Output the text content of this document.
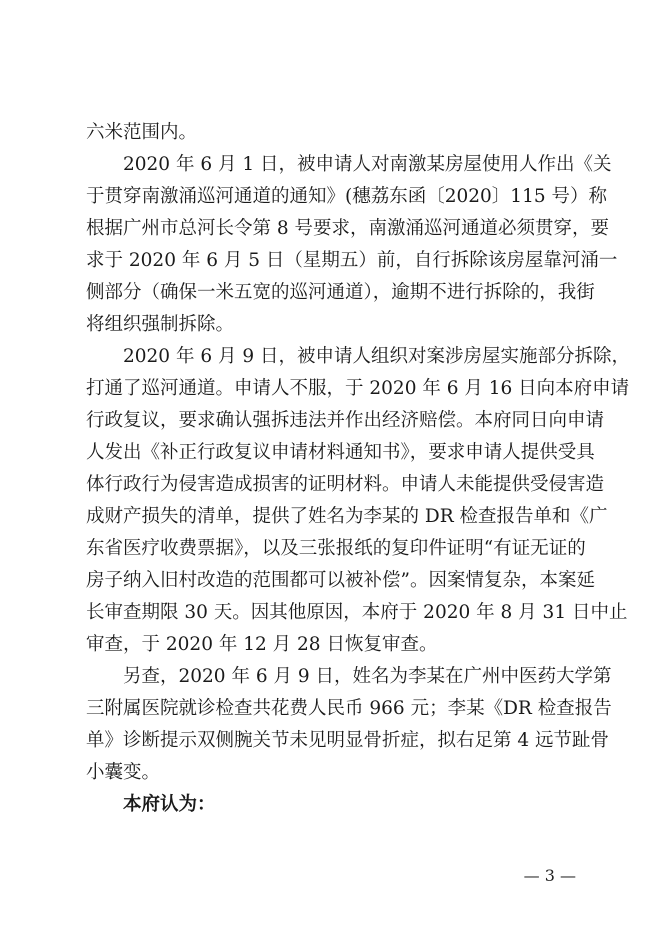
六米范围内。
2020 年 6 月 1 日，被申请人对南激某房屋使用人作出《关
于贯穿南激涌巡河通道的通知》(穗荔东函〔2020〕115 号）称
根据广州市总河长令第 8 号要求，南激涌巡河通道必须贯穿，要
求于 2020 年 6 月 5 日（星期五）前，自行拆除该房屋靠河涌一
侧部分（确保一米五宽的巡河通道），逾期不进行拆除的，我街
将组织强制拆除。
2020 年 6 月 9 日，被申请人组织对案涉房屋实施部分拆除，
打通了巡河通道。申请人不服，于 2020 年 6 月 16 日向本府申请
行政复议，要求确认强拆违法并作出经济赔偿。本府同日向申请
人发出《补正行政复议申请材料通知书》，要求申请人提供受具
体行政行为侵害造成损害的证明材料。申请人未能提供受侵害造
成财产损失的清单，提供了姓名为李某的 DR 检查报告单和《广
东省医疗收费票据》，以及三张报纸的复印件证明“有证无证的
房子纳入旧村改造的范围都可以被补偿”。因案情复杂，本案延
长审查期限 30 天。因其他原因，本府于 2020 年 8 月 31 日中止
审查，于 2020 年 12 月 28 日恢复审查。
另查，2020 年 6 月 9 日，姓名为李某在广州中医药大学第
三附属医院就诊检查共花费人民币 966 元；李某《DR 检查报告
单》诊断提示双侧腕关节未见明显骨折症，拟右足第 4 远节趾骨
小囊变。
本府认为：
— 3 —
